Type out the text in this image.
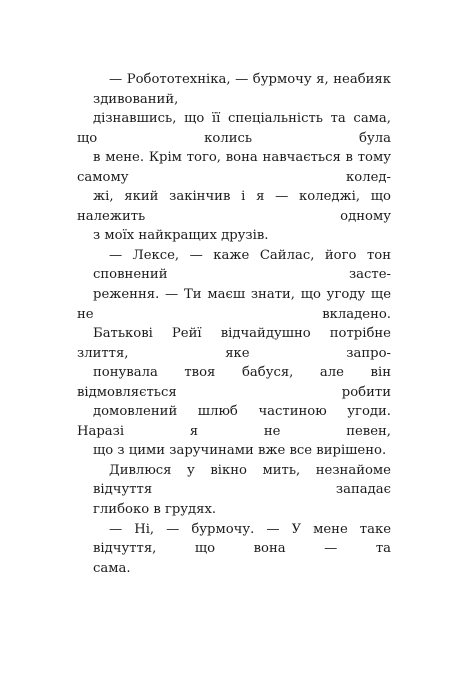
— Робототехніка, — бурмочу я, неабияк здивований,
дізнавшись, що її спеціальність та сама, що колись була
в мене. Крім того, вона навчається в тому самому колед-
жі, який закінчив і я — коледжі, що належить одному
з моїх найкращих друзів.
— Лексе, — каже Сайлас, його тон сповнений засте-
реження. — Ти маєш знати, що угоду ще не вкладено.
Батькові Рейї відчайдушно потрібне злиття, яке запро-
понувала твоя бабуся, але він відмовляється робити
домовлений шлюб частиною угоди. Наразі я не певен,
що з цими заручинами вже все вирішено.
Дивлюся у вікно мить, незнайоме відчуття западає
глибоко в грудях.
— Ні, — бурмочу. — У мене таке відчуття, що вона — та
сама.
